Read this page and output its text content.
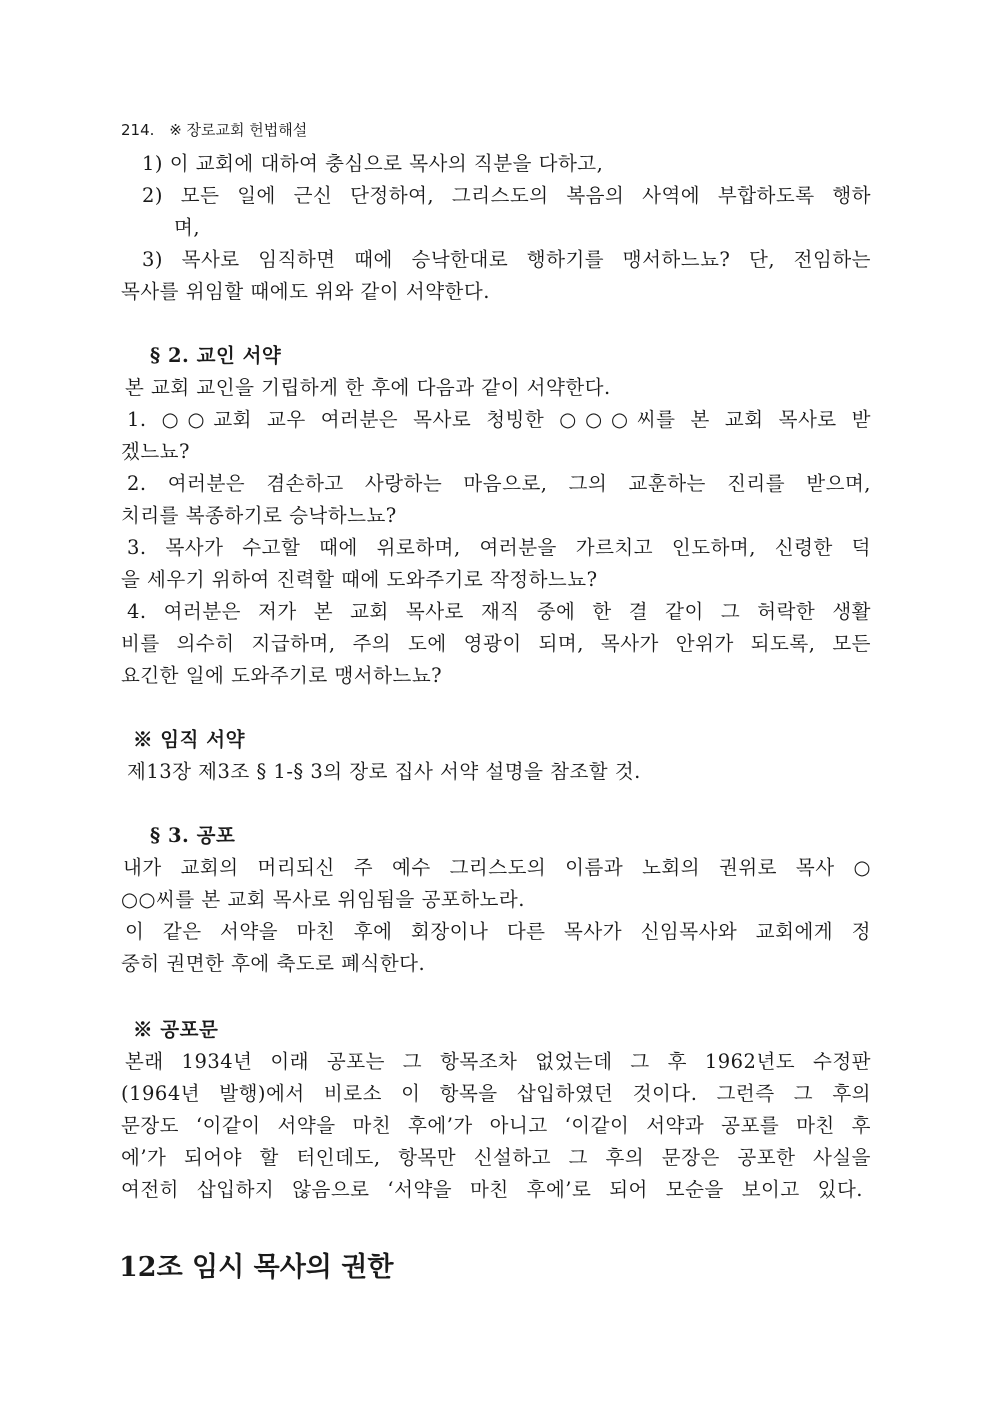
214. ※ 장로교회 헌법해설
1) 이 교회에 대하여 충심으로 목사의 직분을 다하고,
2) 모든 일에 근신 단정하여, 그리스도의 복음의 사역에 부합하도록 행하
며,
3) 목사로 임직하면 때에 승낙한대로 행하기를 맹서하느뇨? 단, 전임하는
목사를 위임할 때에도 위와 같이 서약한다.
§ 2. 교인 서약
본 교회 교인을 기립하게 한 후에 다음과 같이 서약한다.
1. ○○교회 교우 여러분은 목사로 청빙한 ○○○씨를 본 교회 목사로 받
겠느뇨?
2. 여러분은 겸손하고 사랑하는 마음으로, 그의 교훈하는 진리를 받으며,
치리를 복종하기로 승낙하느뇨?
3. 목사가 수고할 때에 위로하며, 여러분을 가르치고 인도하며, 신령한 덕
을 세우기 위하여 진력할 때에 도와주기로 작정하느뇨?
4. 여러분은 저가 본 교회 목사로 재직 중에 한 결 같이 그 허락한 생활
비를 의수히 지급하며, 주의 도에 영광이 되며, 목사가 안위가 되도록, 모든
요긴한 일에 도와주기로 맹서하느뇨?
※ 임직 서약
제13장 제3조 § 1-§ 3의 장로 집사 서약 설명을 참조할 것.
§ 3. 공포
내가 교회의 머리되신 주 예수 그리스도의 이름과 노회의 권위로 목사 ○
○○씨를 본 교회 목사로 위임됨을 공포하노라.
이 같은 서약을 마친 후에 회장이나 다른 목사가 신임목사와 교회에게 정
중히 권면한 후에 축도로 폐식한다.
※ 공포문
본래 1934년 이래 공포는 그 항목조차 없었는데 그 후 1962년도 수정판
(1964년 발행)에서 비로소 이 항목을 삽입하였던 것이다. 그런즉 그 후의
문장도 ‘이같이 서약을 마친 후에’가 아니고 ‘이같이 서약과 공포를 마친 후
에’가 되어야 할 터인데도, 항목만 신설하고 그 후의 문장은 공포한 사실을
여전히 삽입하지 않음으로 ‘서약을 마친 후에’로 되어 모순을 보이고 있다.
12조 임시 목사의 권한
